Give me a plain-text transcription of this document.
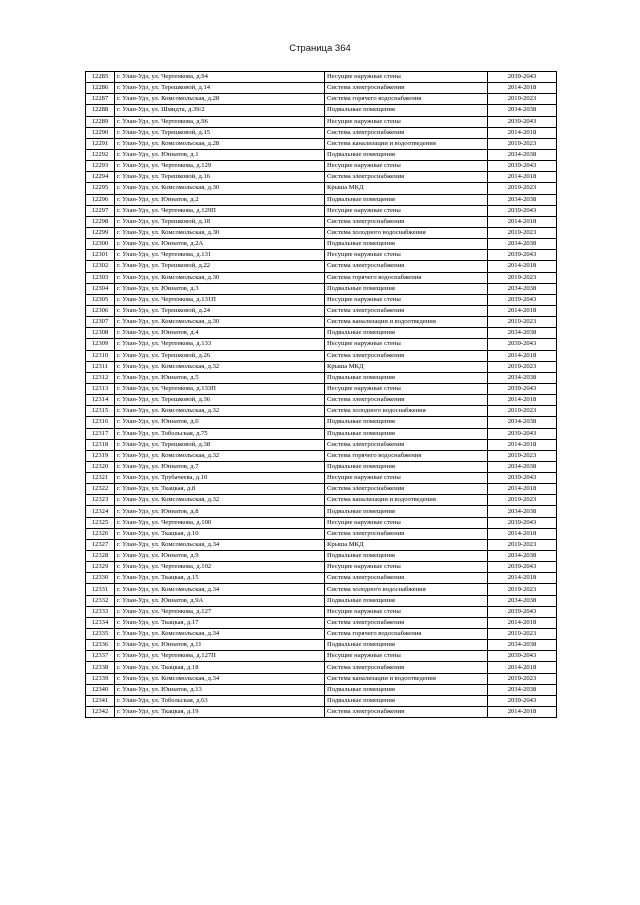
Страница 364
12285	г. Улан-Удэ, ул. Чертенкова, д.94	Несущие наружные стены	2039-2043
12286	г. Улан-Удэ, ул. Терешковой, д.14	Система электроснабжения	2014-2018
12287	г. Улан-Удэ, ул. Комсомольская, д.28	Система горячего водоснабжения	2019-2023
12288	г. Улан-Удэ, ул. Шмидта, д.39/2	Подвальные помещения	2034-2038
12289	г. Улан-Удэ, ул. Чертенкова, д.96	Несущие наружные стены	2039-2043
12290	г. Улан-Удэ, ул. Терешковой, д.15	Система электроснабжения	2014-2018
12291	г. Улан-Удэ, ул. Комсомольская, д.28	Система канализации и водоотведения	2019-2023
12292	г. Улан-Удэ, ул. Юннатов, д.1	Подвальные помещения	2034-2038
12293	г. Улан-Удэ, ул. Чертенкова, д.129	Несущие наружные стены	2039-2043
12294	г. Улан-Удэ, ул. Терешковой, д.16	Система электроснабжения	2014-2018
12295	г. Улан-Удэ, ул. Комсомольская, д.30	Крыша МКД	2019-2023
12296	г. Улан-Удэ, ул. Юннатов, д.2	Подвальные помещения	2034-2038
12297	г. Улан-Удэ, ул. Чертенкова, д.129П	Несущие наружные стены	2039-2043
12298	г. Улан-Удэ, ул. Терешковой, д.18	Система электроснабжения	2014-2018
12299	г. Улан-Удэ, ул. Комсомольская, д.30	Система холодного водоснабжения	2019-2023
12300	г. Улан-Удэ, ул. Юннатов, д.2А	Подвальные помещения	2034-2038
12301	г. Улан-Удэ, ул. Чертенкова, д.131	Несущие наружные стены	2039-2043
12302	г. Улан-Удэ, ул. Терешковой, д.22	Система электроснабжения	2014-2018
12303	г. Улан-Удэ, ул. Комсомольская, д.30	Система горячего водоснабжения	2019-2023
12304	г. Улан-Удэ, ул. Юннатов, д.3	Подвальные помещения	2034-2038
12305	г. Улан-Удэ, ул. Чертенкова, д.131П	Несущие наружные стены	2039-2043
12306	г. Улан-Удэ, ул. Терешковой, д.24	Система электроснабжения	2014-2018
12307	г. Улан-Удэ, ул. Комсомольская, д.30	Система канализации и водоотведения	2019-2023
12308	г. Улан-Удэ, ул. Юннатов, д.4	Подвальные помещения	2034-2038
12309	г. Улан-Удэ, ул. Чертенкова, д.133	Несущие наружные стены	2039-2043
12310	г. Улан-Удэ, ул. Терешковой, д.26	Система электроснабжения	2014-2018
12311	г. Улан-Удэ, ул. Комсомольская, д.32	Крыша МКД	2019-2023
12312	г. Улан-Удэ, ул. Юннатов, д.5	Подвальные помещения	2034-2038
12313	г. Улан-Удэ, ул. Чертенкова, д.133П	Несущие наружные стены	2039-2043
12314	г. Улан-Удэ, ул. Терешковой, д.36	Система электроснабжения	2014-2018
12315	г. Улан-Удэ, ул. Комсомольская, д.32	Система холодного водоснабжения	2019-2023
12316	г. Улан-Удэ, ул. Юннатов, д.6	Подвальные помещения	2034-2038
12317	г. Улан-Удэ, ул. Тобольская, д.75	Подвальные помещения	2039-2043
12318	г. Улан-Удэ, ул. Терешковой, д.38	Система электроснабжения	2014-2018
12319	г. Улан-Удэ, ул. Комсомольская, д.32	Система горячего водоснабжения	2019-2023
12320	г. Улан-Удэ, ул. Юннатов, д.7	Подвальные помещения	2034-2038
12321	г. Улан-Удэ, ул. Трубачеева, д.10	Несущие наружные стены	2039-2043
12322	г. Улан-Удэ, ул. Ткацкая, д.8	Система электроснабжения	2014-2018
12323	г. Улан-Удэ, ул. Комсомольская, д.32	Система канализации и водоотведения	2019-2023
12324	г. Улан-Удэ, ул. Юннатов, д.8	Подвальные помещения	2034-2038
12325	г. Улан-Удэ, ул. Чертенкова, д.100	Несущие наружные стены	2039-2043
12326	г. Улан-Удэ, ул. Ткацкая, д.10	Система электроснабжения	2014-2018
12327	г. Улан-Удэ, ул. Комсомольская, д.34	Крыша МКД	2019-2023
12328	г. Улан-Удэ, ул. Юннатов, д.9	Подвальные помещения	2034-2038
12329	г. Улан-Удэ, ул. Чертенкова, д.102	Несущие наружные стены	2039-2043
12330	г. Улан-Удэ, ул. Ткацкая, д.15	Система электроснабжения	2014-2018
12331	г. Улан-Удэ, ул. Комсомольская, д.34	Система холодного водоснабжения	2019-2023
12332	г. Улан-Удэ, ул. Юннатов, д.9А	Подвальные помещения	2034-2038
12333	г. Улан-Удэ, ул. Чертенкова, д.127	Несущие наружные стены	2039-2043
12334	г. Улан-Удэ, ул. Ткацкая, д.17	Система электроснабжения	2014-2018
12335	г. Улан-Удэ, ул. Комсомольская, д.34	Система горячего водоснабжения	2019-2023
12336	г. Улан-Удэ, ул. Юннатов, д.11	Подвальные помещения	2034-2038
12337	г. Улан-Удэ, ул. Чертенкова, д.127П	Несущие наружные стены	2039-2043
12338	г. Улан-Удэ, ул. Ткацкая, д.18	Система электроснабжения	2014-2018
12339	г. Улан-Удэ, ул. Комсомольская, д.34	Система канализации и водоотведения	2019-2023
12340	г. Улан-Удэ, ул. Юннатов, д.13	Подвальные помещения	2034-2038
12341	г. Улан-Удэ, ул. Тобольская, д.63	Подвальные помещения	2039-2043
12342	г. Улан-Удэ, ул. Ткацкая, д.19	Система электроснабжения	2014-2018
